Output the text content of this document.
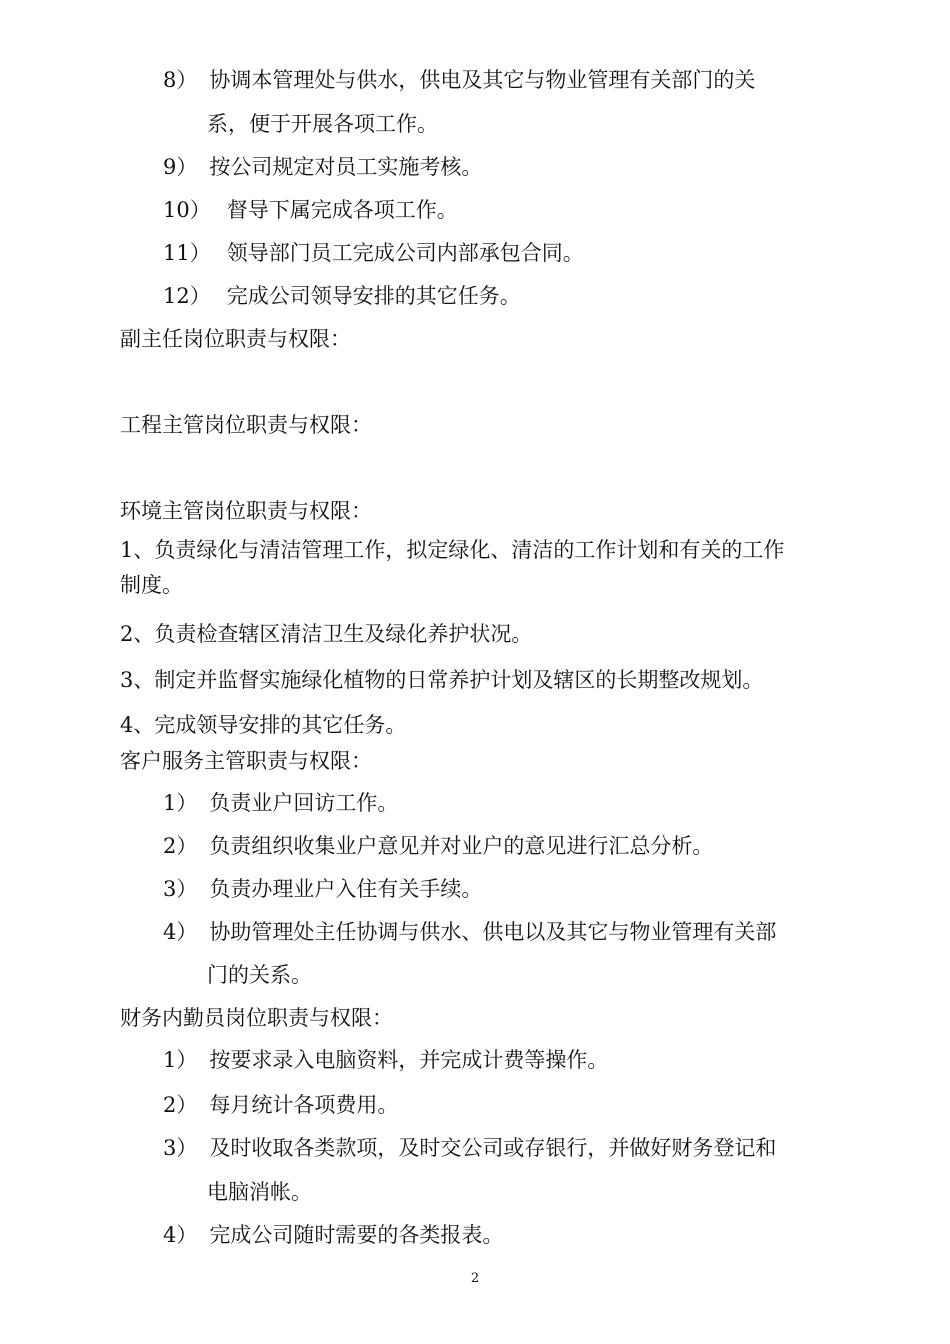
8） 协调本管理处与供水，供电及其它与物业管理有关部门的关
系，便于开展各项工作。
9） 按公司规定对员工实施考核。
10） 督导下属完成各项工作。
11） 领导部门员工完成公司内部承包合同。
12） 完成公司领导安排的其它任务。
副主任岗位职责与权限：
工程主管岗位职责与权限：
环境主管岗位职责与权限：
1、负责绿化与清洁管理工作，拟定绿化、清洁的工作计划和有关的工作
制度。
2、负责检查辖区清洁卫生及绿化养护状况。
3、制定并监督实施绿化植物的日常养护计划及辖区的长期整改规划。
4、完成领导安排的其它任务。
客户服务主管职责与权限：
1） 负责业户回访工作。
2） 负责组织收集业户意见并对业户的意见进行汇总分析。
3） 负责办理业户入住有关手续。
4） 协助管理处主任协调与供水、供电以及其它与物业管理有关部
门的关系。
财务内勤员岗位职责与权限：
1） 按要求录入电脑资料，并完成计费等操作。
2） 每月统计各项费用。
3） 及时收取各类款项，及时交公司或存银行，并做好财务登记和
电脑消帐。
4） 完成公司随时需要的各类报表。
2
